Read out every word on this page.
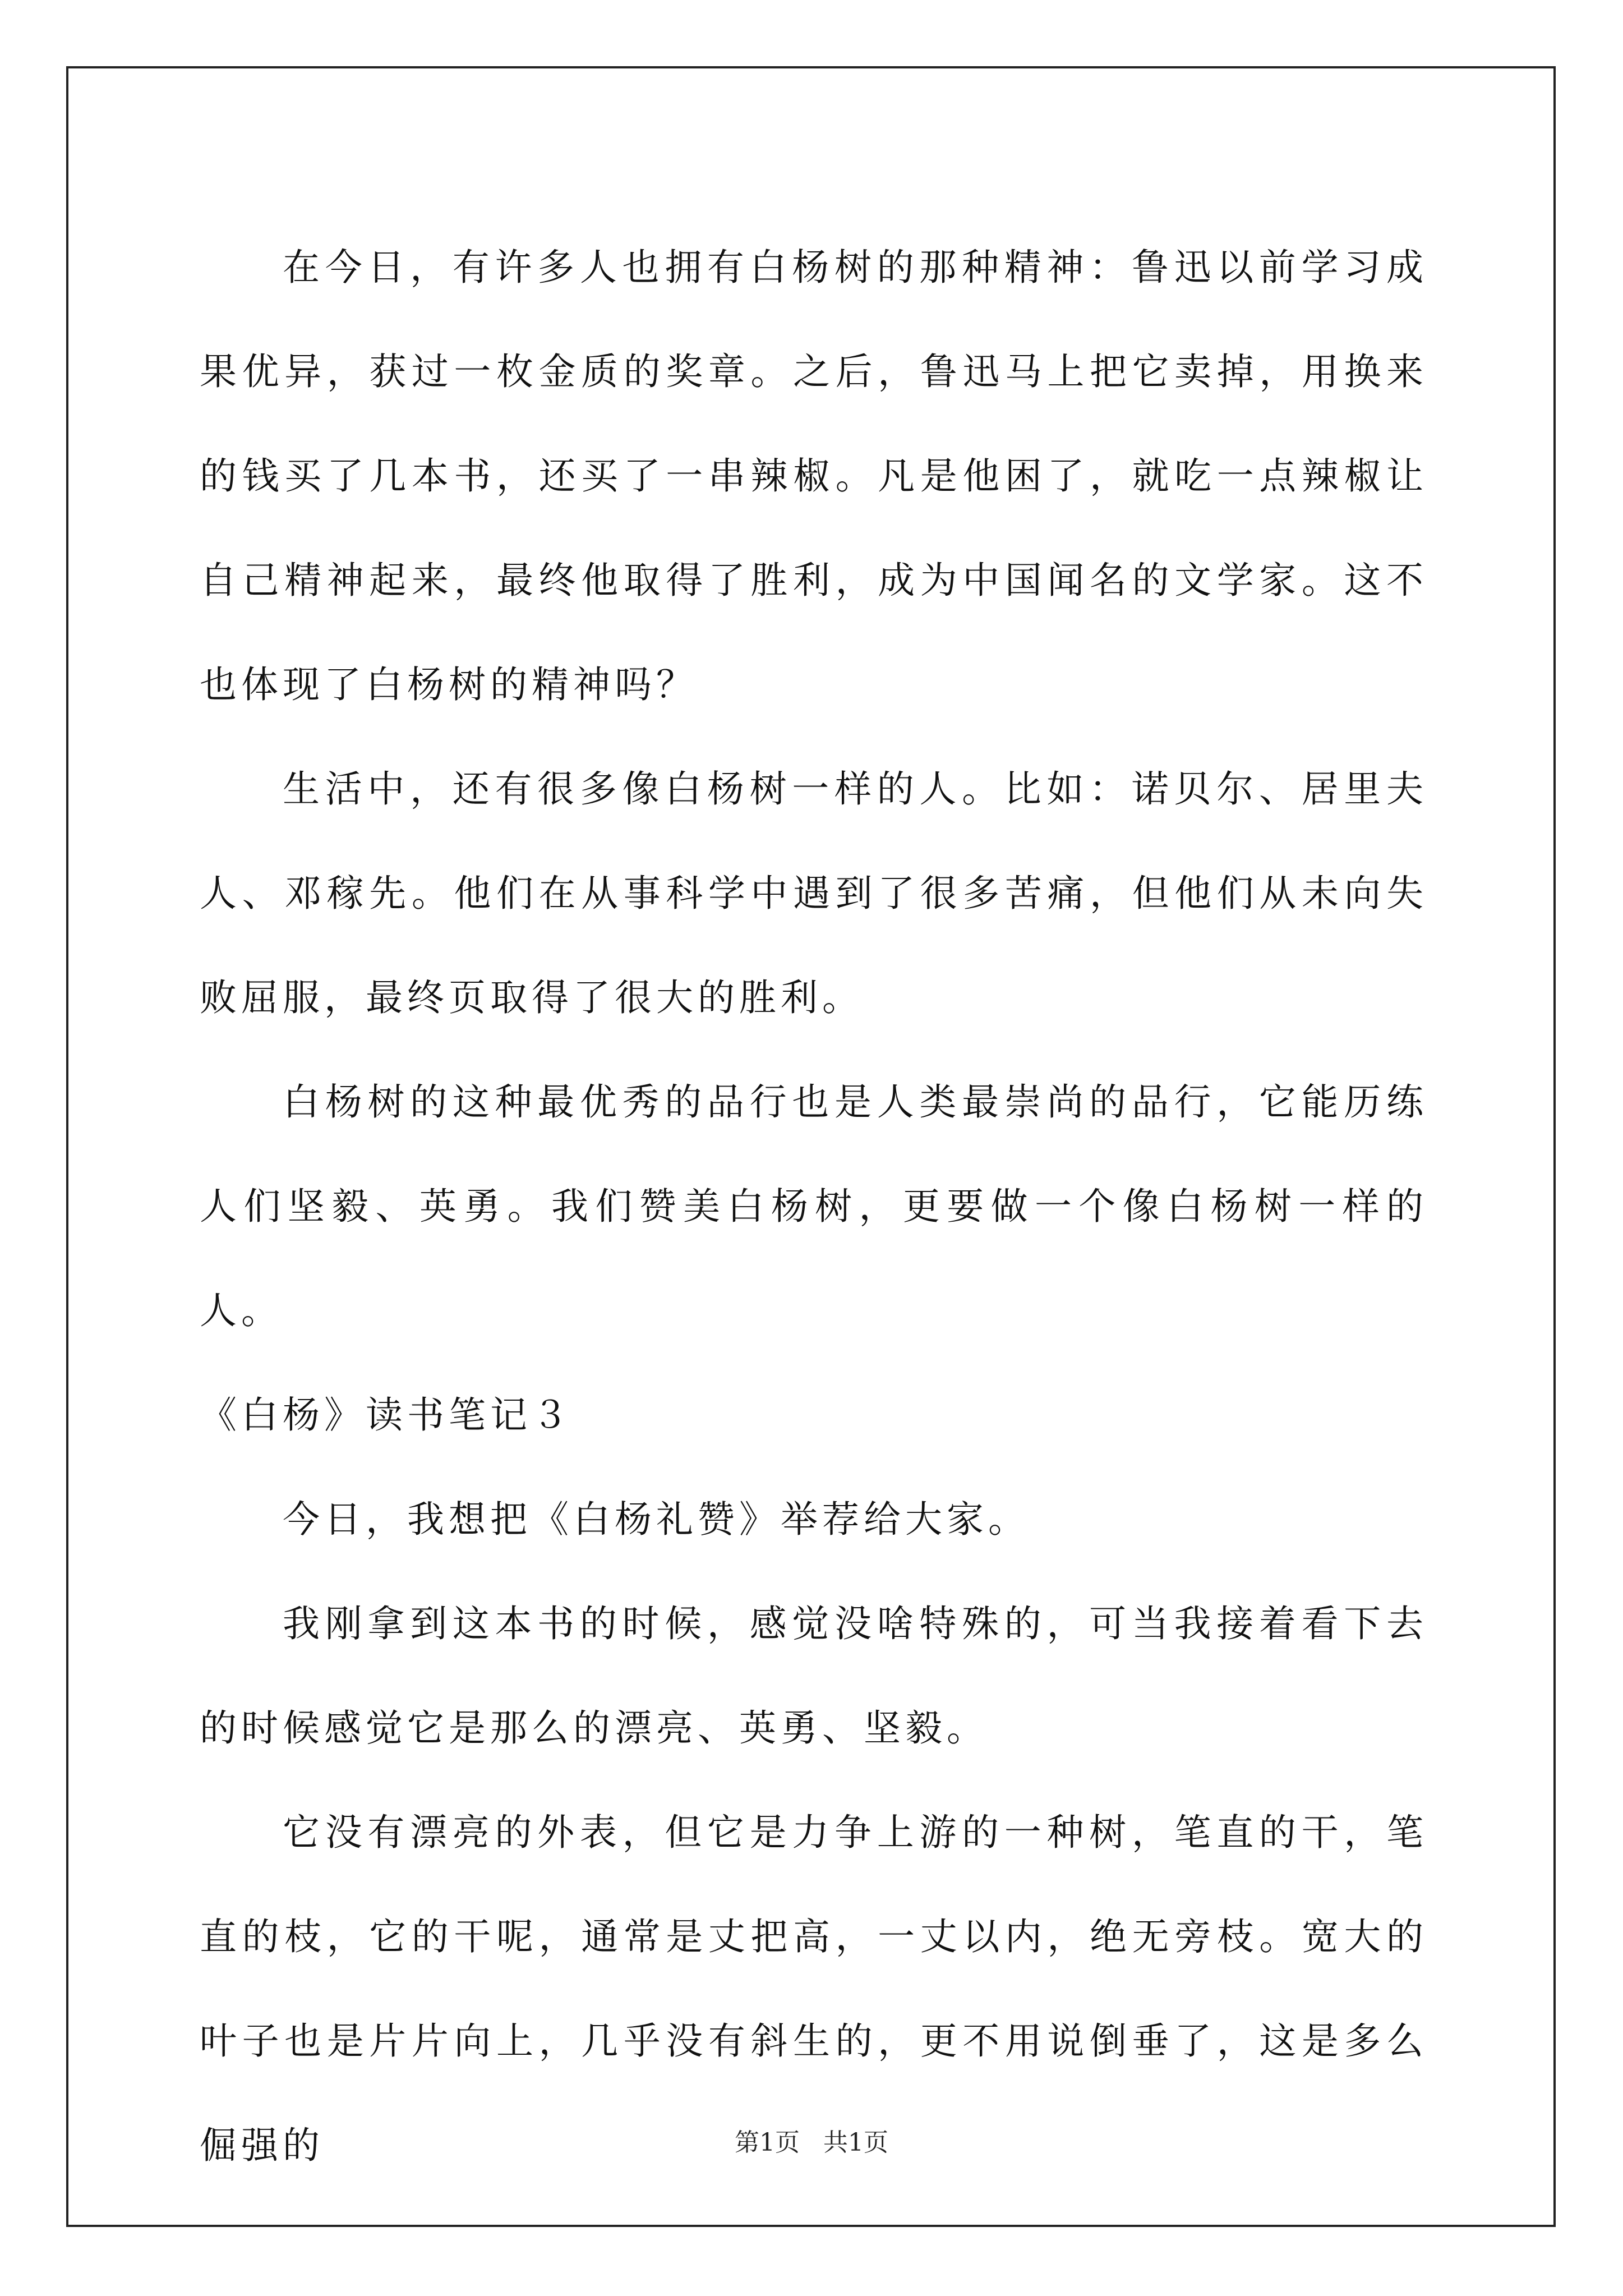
在今日，有许多人也拥有白杨树的那种精神：鲁迅以前学习成果优异，获过一枚金质的奖章。之后，鲁迅马上把它卖掉，用换来的钱买了几本书，还买了一串辣椒。凡是他困了，就吃一点辣椒让自己精神起来，最终他取得了胜利，成为中国闻名的文学家。这不也体现了白杨树的精神吗？

生活中，还有很多像白杨树一样的人。比如：诺贝尔、居里夫人、邓稼先。他们在从事科学中遇到了很多苦痛，但他们从未向失败屈服，最终页取得了很大的胜利。

白杨树的这种最优秀的品行也是人类最崇尚的品行，它能历练人们坚毅、英勇。我们赞美白杨树，更要做一个像白杨树一样的人。

《白杨》读书笔记３

今日，我想把《白杨礼赞》举荐给大家。

我刚拿到这本书的时候，感觉没啥特殊的，可当我接着看下去的时候感觉它是那么的漂亮、英勇、坚毅。

它没有漂亮的外表，但它是力争上游的一种树，笔直的干，笔直的枝，它的干呢，通常是丈把高，一丈以内，绝无旁枝。宽大的叶子也是片片向上，几乎没有斜生的，更不用说倒垂了，这是多么倔强的	第1页   共1页
